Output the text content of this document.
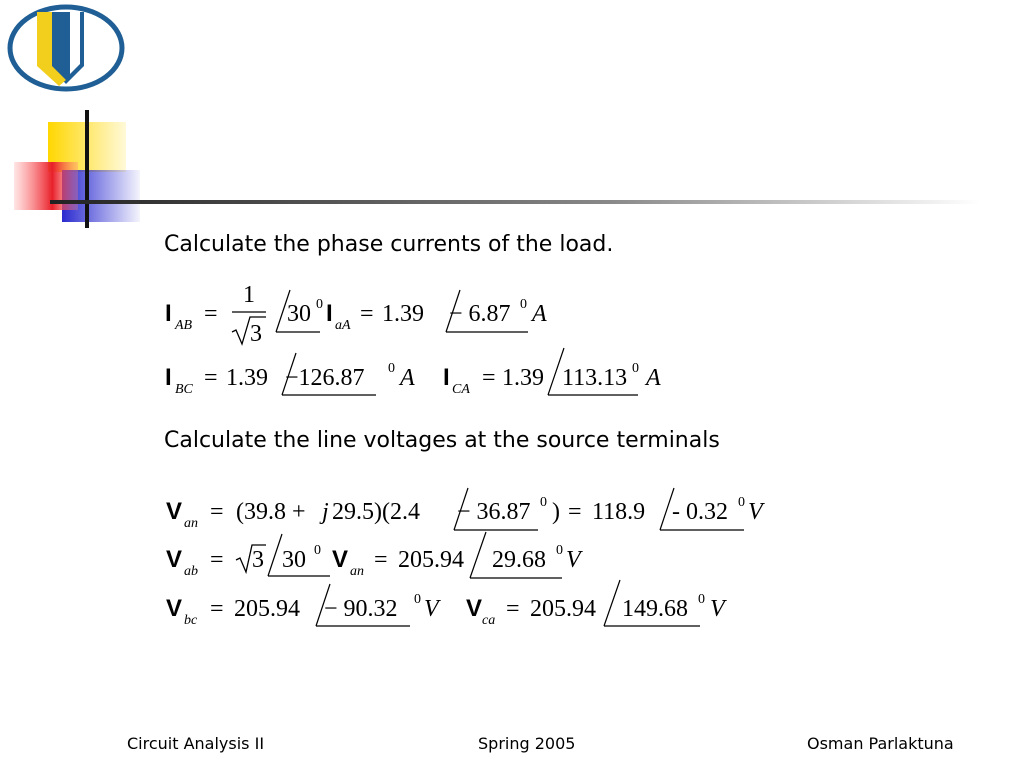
Calculate the phase currents of the load.
I AB =
1
3
30 0 I aA = 1.39 − 6.87 0 A
I BC = 1.39 −126.87 0 A I CA = 1.39 113.13 0 A
Calculate the line voltages at the source terminals
V an = (39.8 + j 29.5)(2.4 − 36.87 0 ) = 118.9 - 0.32 0 V
V ab = 3 30 0 V an = 205.94 29.68 0 V
V bc = 205.94 − 90.32 0 V V ca = 205.94 149.68 0 V
Circuit Analysis II	Spring 2005	Osman Parlaktuna
